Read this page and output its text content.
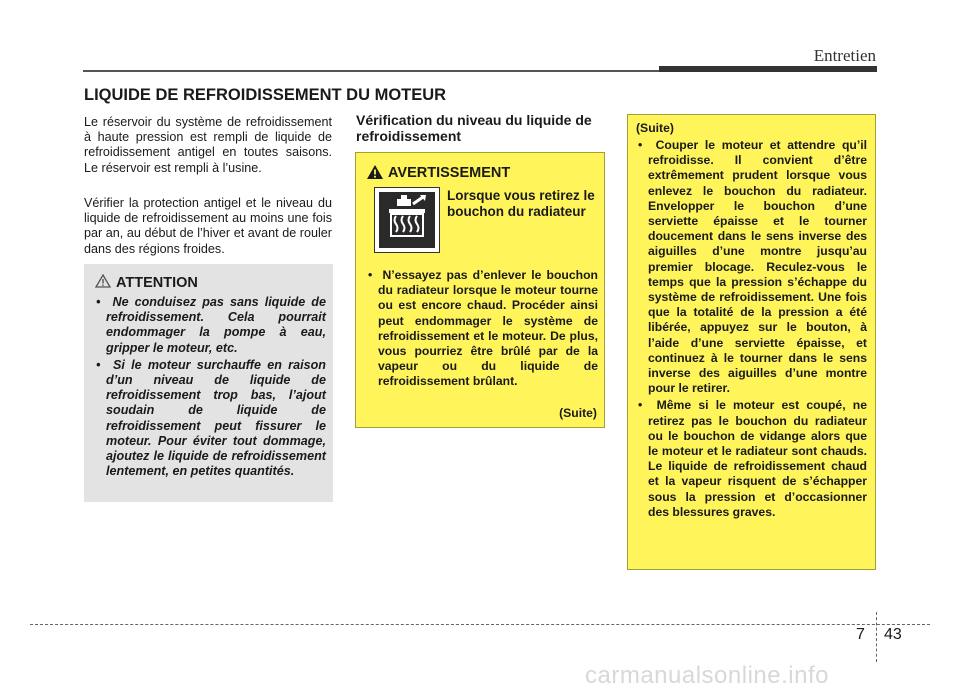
Entretien
LIQUIDE DE REFROIDISSEMENT DU MOTEUR
Le réservoir du système de refroidissement à haute pression est rempli de liquide de refroidissement antigel en toutes saisons. Le réservoir est rempli à l’usine.
Vérifier la protection antigel et le niveau du liquide de refroidissement au moins une fois par an, au début de l’hiver et avant de rouler dans des régions froides.
ATTENTION
•  Ne conduisez pas sans liquide de refroidissement. Cela pourrait endommager la pompe à eau, gripper le moteur, etc.
•  Si le moteur surchauffe en raison d’un niveau de liquide de refroidissement trop bas, l’ajout soudain de liquide de refroidissement peut fissurer le moteur. Pour éviter tout dommage, ajoutez le liquide de refroidissement lentement, en petites quantités.
Vérification du niveau du liquide de refroidissement
AVERTISSEMENT
Lorsque vous retirez le bouchon du radiateur
•  N’essayez pas d’enlever le bouchon du radiateur lorsque le moteur tourne ou est encore chaud. Procéder ainsi peut endommager le système de refroidissement et le moteur. De plus, vous pourriez être brûlé par de la vapeur ou du liquide de refroidissement brûlant.
(Suite)
(Suite)
•  Couper le moteur et attendre qu’il refroidisse. Il convient d’être extrêmement prudent lorsque vous enlevez le bouchon du radiateur. Envelopper le bouchon d’une serviette épaisse et le tourner doucement dans le sens inverse des aiguilles d’une montre jusqu’au premier blocage. Reculez-vous le temps que la pression s’échappe du système de refroidissement. Une fois que la totalité de la pression a été libérée, appuyez sur le bouton, à l’aide d’une serviette épaisse, et continuez à le tourner dans le sens inverse des aiguilles d’une montre pour le retirer.
•  Même si le moteur est coupé, ne retirez pas le bouchon du radiateur ou le bouchon de vidange alors que le moteur et le radiateur sont chauds. Le liquide de refroidissement chaud et la vapeur risquent de s’échapper sous la pression et d’occasionner des blessures graves.
7 43
carmanualsonline.info
